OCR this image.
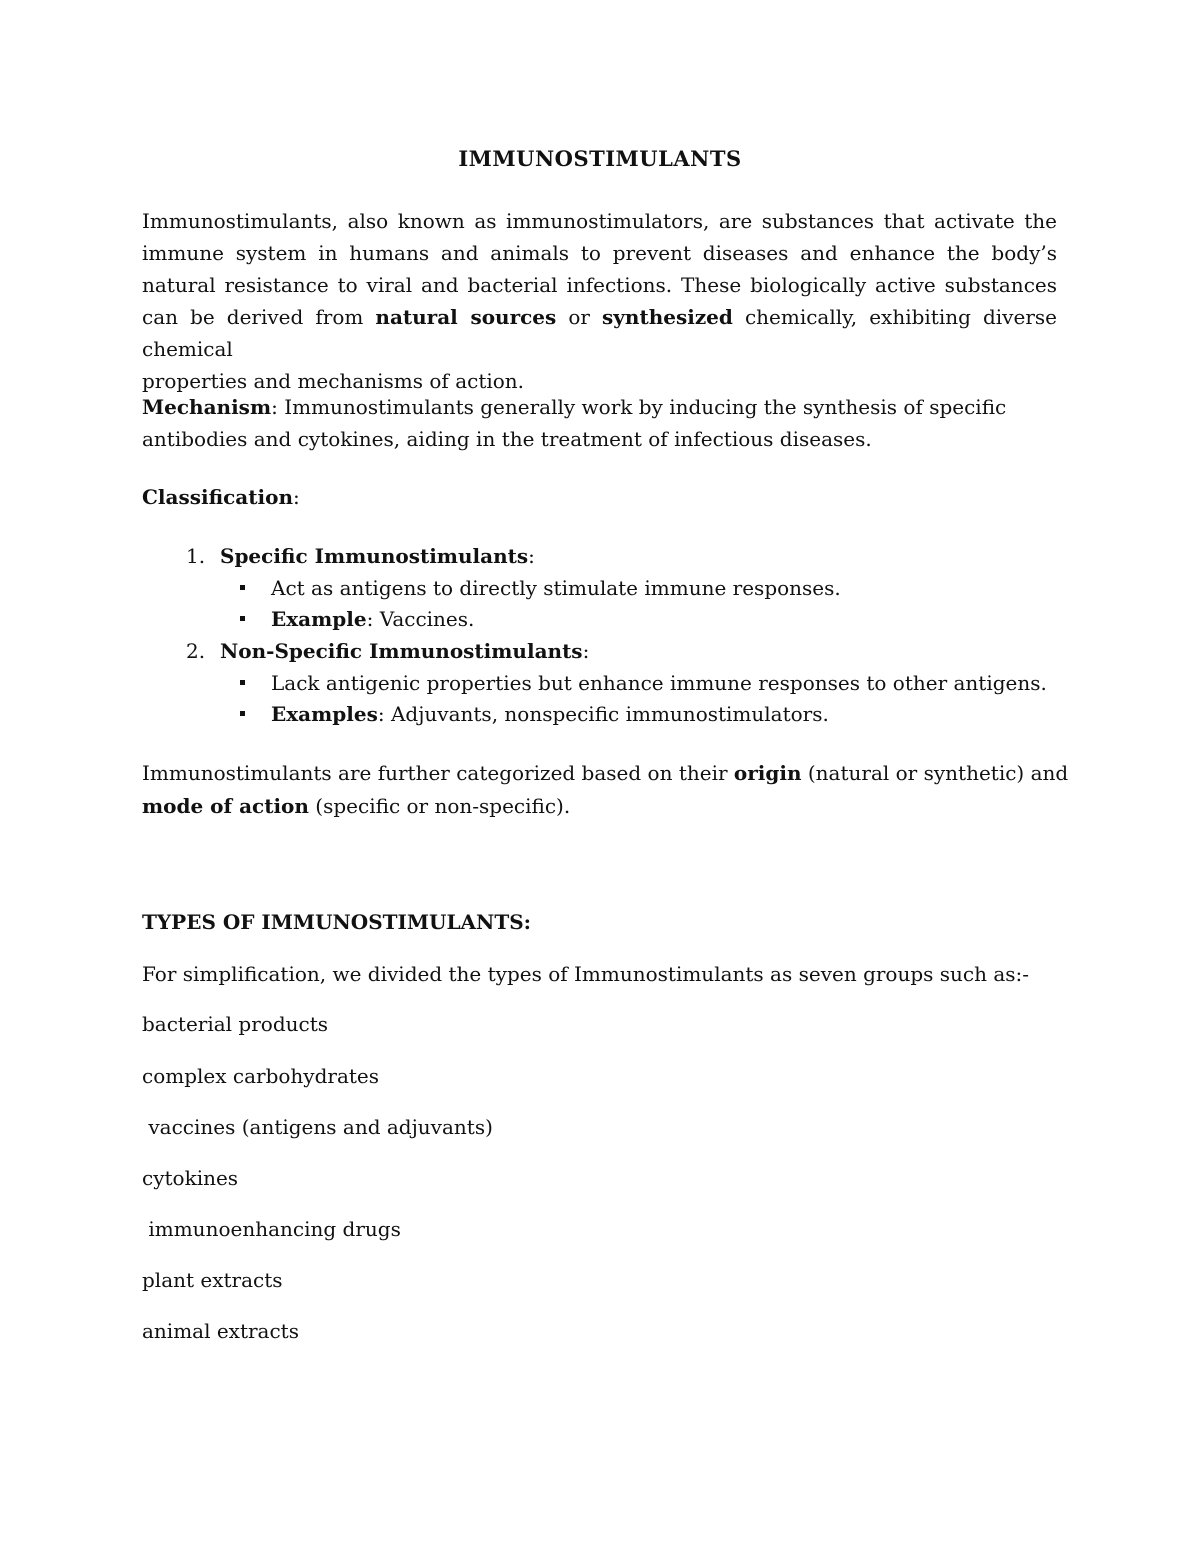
IMMUNOSTIMULANTS

Immunostimulants, also known as immunostimulators, are substances that activate the immune system in humans and animals to prevent diseases and enhance the body’s natural resistance to viral and bacterial infections. These biologically active substances can be derived from natural sources or synthesized chemically, exhibiting diverse chemical
properties and mechanisms of action.

Mechanism: Immunostimulants generally work by inducing the synthesis of specific
antibodies and cytokines, aiding in the treatment of infectious diseases.

Classification:

1. Specific Immunostimulants:

Act as antigens to directly stimulate immune responses.

Example: Vaccines.

2. Non-Specific Immunostimulants:

Lack antigenic properties but enhance immune responses to other antigens.

Examples: Adjuvants, nonspecific immunostimulators.

Immunostimulants are further categorized based on their origin (natural or synthetic) and

mode of action (specific or non-specific).

TYPES OF IMMUNOSTIMULANTS:

For simplification, we divided the types of Immunostimulants as seven groups such as:-

bacterial products

complex carbohydrates

vaccines (antigens and adjuvants)

cytokines

immunoenhancing drugs

plant extracts

animal extracts
